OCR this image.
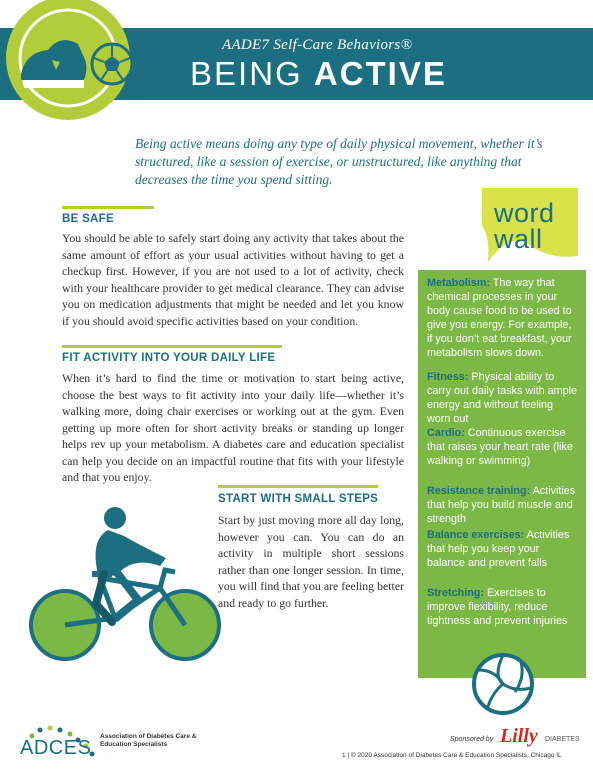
AADE7 Self-Care Behaviors®
BEING ACTIVE
Being active means doing any type of daily physical movement, whether it’s structured, like a session of exercise, or unstructured, like anything that decreases the time you spend sitting.
BE SAFE
You should be able to safely start doing any activity that takes about the same amount of effort as your usual activities without having to get a checkup first. However, if you are not used to a lot of activity, check with your healthcare provider to get medical clearance. They can advise you on medication adjustments that might be needed and let you know if you should avoid specific activities based on your condition.
FIT ACTIVITY INTO YOUR DAILY LIFE
When it’s hard to find the time or motivation to start being active, choose the best ways to fit activity into your daily life—whether it’s walking more, doing chair exercises or working out at the gym. Even getting up more often for short activity breaks or standing up longer helps rev up your metabolism. A diabetes care and education specialist can help you decide on an impactful routine that fits with your lifestyle and that you enjoy.
START WITH SMALL STEPS
Start by just moving more all day long, however you can. You can do an activity in multiple short sessions rather than one longer session. In time, you will find that you are feeling better and ready to go further.
word
wall
Metabolism: The way that chemical processes in your body cause food to be used to give you energy. For example, if you don’t eat breakfast, your metabolism slows down.
Fitness: Physical ability to carry out daily tasks with ample energy and without feeling worn out
Cardio: Continuous exercise that raises your heart rate (like walking or swimming)
Resistance training: Activities that help you build muscle and strength
Balance exercises: Activities that help you keep your balance and prevent falls
Stretching: Exercises to improve flexibility, reduce tightness and prevent injuries
ADCES
Association of Diabetes Care & Education Specialists
Sponsored by Lilly DIABETES
1 | © 2020 Association of Diabetes Care & Education Specialists, Chicago IL
